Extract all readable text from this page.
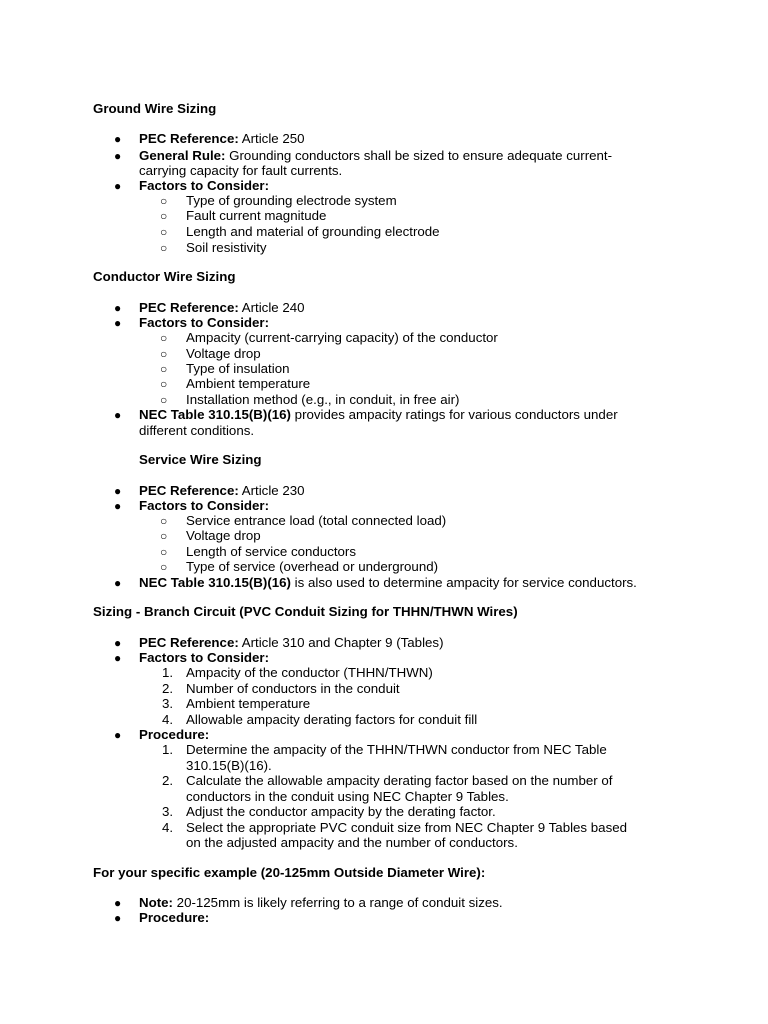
Ground Wire Sizing
●	PEC Reference: Article 250
●	General Rule: Grounding conductors shall be sized to ensure adequate current-
carrying capacity for fault currents.
●	Factors to Consider:
○	Type of grounding electrode system
○	Fault current magnitude
○	Length and material of grounding electrode
○	Soil resistivity
Conductor Wire Sizing
●	PEC Reference: Article 240
●	Factors to Consider:
○	Ampacity (current-carrying capacity) of the conductor
○	Voltage drop
○	Type of insulation
○	Ambient temperature
○	Installation method (e.g., in conduit, in free air)
●	NEC Table 310.15(B)(16) provides ampacity ratings for various conductors under
different conditions.
Service Wire Sizing
●	PEC Reference: Article 230
●	Factors to Consider:
○	Service entrance load (total connected load)
○	Voltage drop
○	Length of service conductors
○	Type of service (overhead or underground)
●	NEC Table 310.15(B)(16) is also used to determine ampacity for service conductors.
Sizing - Branch Circuit (PVC Conduit Sizing for THHN/THWN Wires)
●	PEC Reference: Article 310 and Chapter 9 (Tables)
●	Factors to Consider:
1. Ampacity of the conductor (THHN/THWN)
2. Number of conductors in the conduit
3. Ambient temperature
4. Allowable ampacity derating factors for conduit fill
●	Procedure:
1. Determine the ampacity of the THHN/THWN conductor from NEC Table
310.15(B)(16).
2. Calculate the allowable ampacity derating factor based on the number of
conductors in the conduit using NEC Chapter 9 Tables.
3. Adjust the conductor ampacity by the derating factor.
4. Select the appropriate PVC conduit size from NEC Chapter 9 Tables based
on the adjusted ampacity and the number of conductors.
For your specific example (20-125mm Outside Diameter Wire):
●	Note: 20-125mm is likely referring to a range of conduit sizes.
●	Procedure:
